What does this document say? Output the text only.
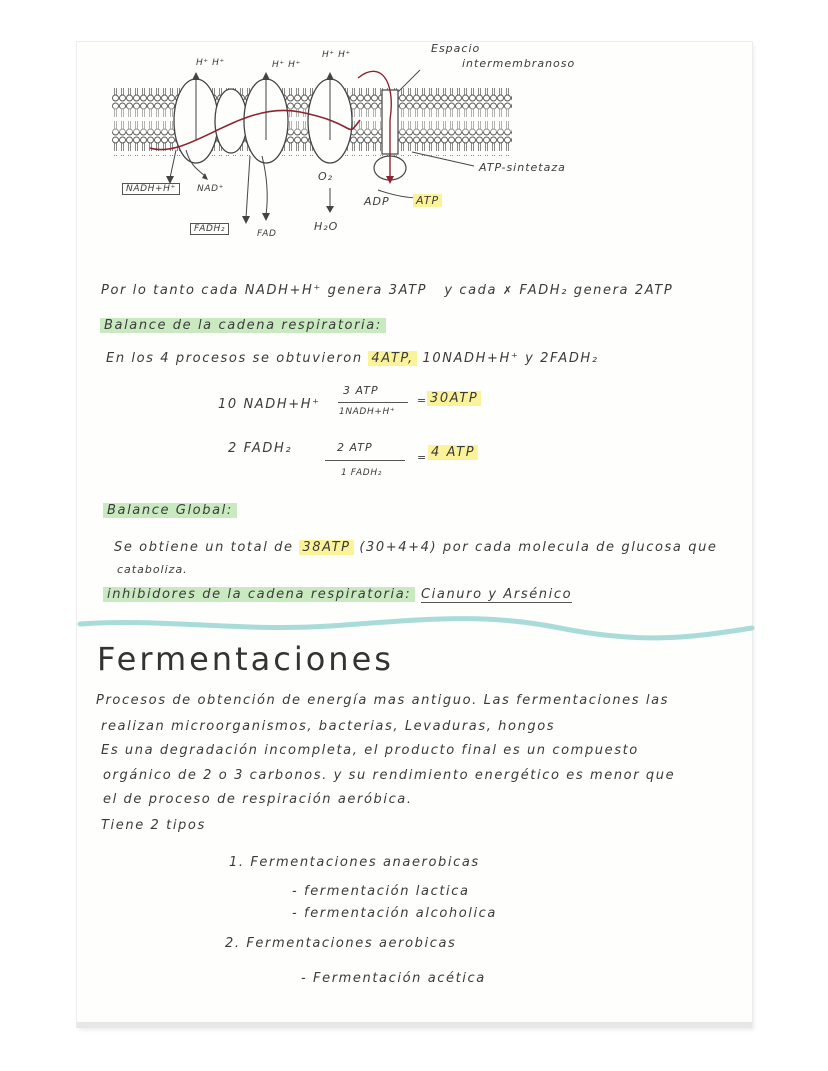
Espacio
intermembranoso
H⁺ H⁺	H⁺ H⁺
H⁺ H⁺
ATP-sintetaza
NADH+H⁺	NAD⁺
FADH₂	FAD
O₂
H₂O
ADP ATP
Por lo tanto cada NADH+H⁺ genera 3ATP y cada ✗ FADH₂ genera 2ATP
Balance de la cadena respiratoria:
En los 4 procesos se obtuvieron 4ATP, 10NADH+H⁺ y 2FADH₂
10 NADH+H⁺
3 ATP
1NADH+H⁺
= 30ATP
2 FADH₂	2 ATP
1 FADH₂
= 4 ATP
Balance Global:
Se obtiene un total de 38ATP (30+4+4) por cada molecula de glucosa que
cataboliza.
inhibidores de la cadena respiratoria: Cianuro y Arsénico
Fermentaciones
Procesos de obtención de energía mas antiguo. Las fermentaciones las
realizan microorganismos, bacterias, Levaduras, hongos
Es una degradación incompleta, el producto final es un compuesto
orgánico de 2 o 3 carbonos. y su rendimiento energético es menor que
el de proceso de respiración aeróbica.
Tiene 2 tipos
1. Fermentaciones anaerobicas
- fermentación lactica
- fermentación alcoholica
2. Fermentaciones aerobicas
- Fermentación acética
